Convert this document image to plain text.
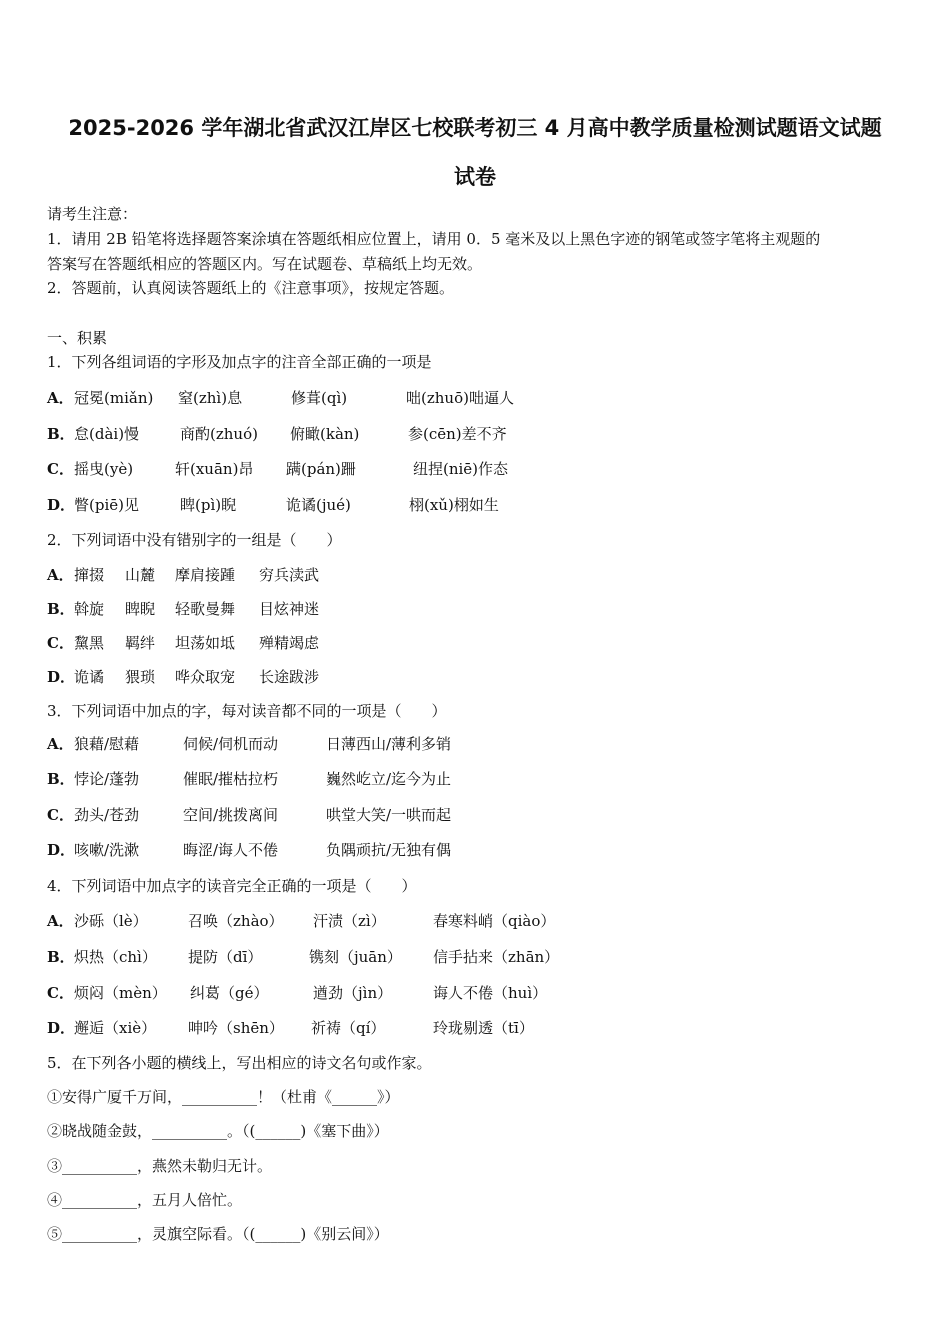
2025-2026 学年湖北省武汉江岸区七校联考初三 4 月高中教学质量检测试题语文试题
试卷
请考生注意：
1．请用 2B 铅笔将选择题答案涂填在答题纸相应位置上，请用 0．5 毫米及以上黑色字迹的钢笔或签字笔将主观题的
答案写在答题纸相应的答题区内。写在试题卷、草稿纸上均无效。
2．答题前，认真阅读答题纸上的《注意事项》，按规定答题。
一、积累
1．下列各组词语的字形及加点字的注音全部正确的一项是
A． 冠冕(miǎn) 窒(zhì)息	修葺(qì)	咄(zhuō)咄逼人
B． 怠(dài)慢	商酌(zhuó) 俯瞰(kàn)	参(cēn)差不齐
C． 摇曳(yè)	轩(xuān)昂 蹒(pán)跚	纽捏(niē)作态
D．
瞥(piē)见	睥(pì)睨	诡谲(jué)	栩(xǔ)栩如生
2．下列词语中没有错别字的一组是（　　）
A． 撺掇 山麓 摩肩接踵 穷兵渎武
B． 斡旋 睥睨 轻歌曼舞 目炫神迷
C． 黧黑 羁绊 坦荡如坻 殚精竭虑
D．
诡谲 猥琐 哗众取宠 长途跋涉
3．下列词语中加点的字，每对读音都不同的一项是（　　）
A． 狼藉/慰藉	伺候/伺机而动	日薄西山/薄利多销
B． 悖论/蓬勃	催眠/摧枯拉朽	巍然屹立/迄今为止
C． 劲头/苍劲	空间/挑拨离间	哄堂大笑/一哄而起
D．
咳嗽/洗漱	晦涩/诲人不倦	负隅顽抗/无独有偶
4．下列词语中加点字的读音完全正确的一项是（　　）
A． 沙砾（lè）	召唤（zhào） 汗渍（zì）	春寒料峭（qiào）
B． 炽热（chì） 提防（dī）	镌刻（juān） 信手拈来（zhān）
C． 烦闷（mèn） 纠葛（gé）	遒劲（jìn）	诲人不倦（huì）
D．
邂逅（xiè） 呻吟（shēn） 祈祷（qí）	玲珑剔透（tī）
5．在下列各小题的横线上，写出相应的诗文名句或作家。
①安得广厦千万间，__________！（杜甫《______》）
②晓战随金鼓，__________。（(______)《塞下曲》）
③__________，燕然未勒归无计。
④__________，五月人倍忙。
⑤__________，灵旗空际看。（(______)《别云间》）
